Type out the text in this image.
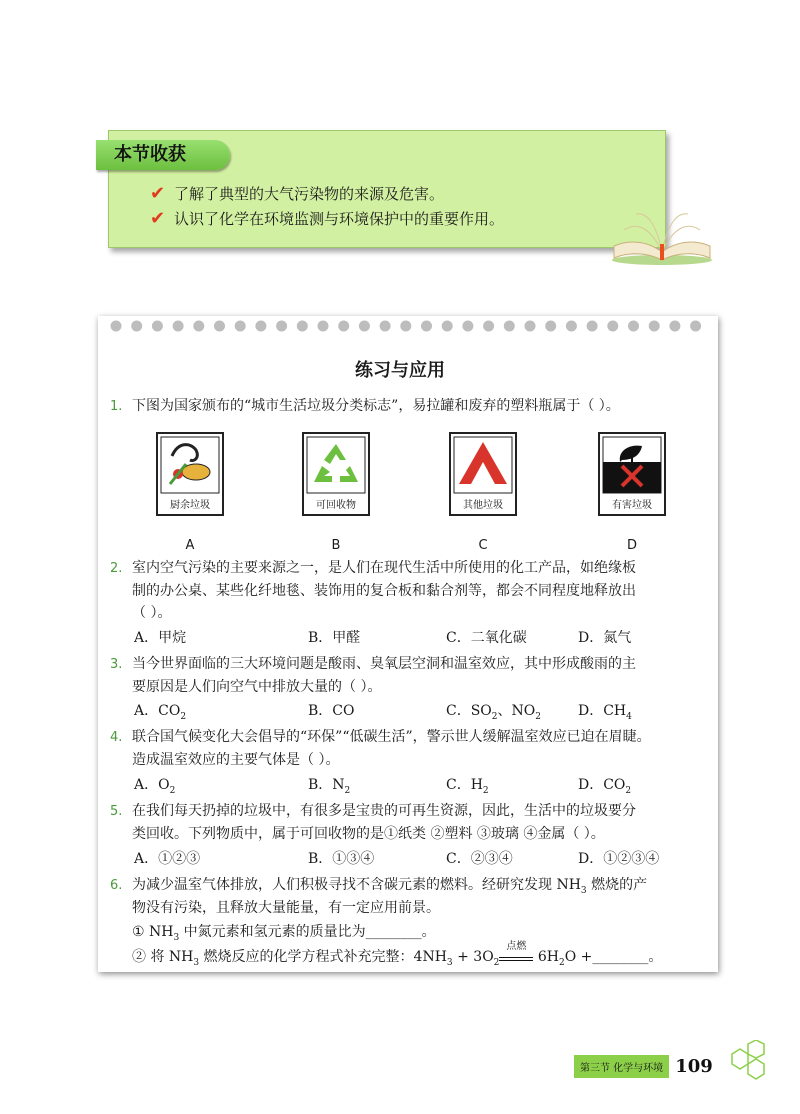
本节收获
✔ 了解了典型的大气污染物的来源及危害。
✔ 认识了化学在环境监测与环境保护中的重要作用。
练习与应用
1. 下图为国家颁布的“城市生活垃圾分类标志”，易拉罐和废弃的塑料瓶属于（ ）。
厨余垃圾	可回收物	其他垃圾	有害垃圾
A	B	C	D
2. 室内空气污染的主要来源之一，是人们在现代生活中所使用的化工产品，如绝缘板
制的办公桌、某些化纤地毯、装饰用的复合板和黏合剂等，都会不同程度地释放出
（ ）。
A．甲烷	B．甲醛	C．二氧化碳	D．氮气
3. 当今世界面临的三大环境问题是酸雨、臭氧层空洞和温室效应，其中形成酸雨的主
要原因是人们向空气中排放大量的（ ）。
A．$CO_2$	B．CO	C．$SO_2$、$NO_2$	D．$CH_4$
4. 联合国气候变化大会倡导的“环保”“低碳生活”，警示世人缓解温室效应已迫在眉睫。
造成温室效应的主要气体是（ ）。
A．$O_2$	B．$N_2$	C．$H_2$	D．$CO_2$
5. 在我们每天扔掉的垃圾中，有很多是宝贵的可再生资源，因此，生活中的垃圾要分
类回收。下列物质中，属于可回收物的是①纸类 ②塑料 ③玻璃 ④金属（ ）。
A．①②③	B．①③④	C．②③④	D．①②③④
6. 为减少温室气体排放，人们积极寻找不含碳元素的燃料。经研究发现 $NH_3$ 燃烧的产
物没有污染，且释放大量能量，有一定应用前景。
① $NH_3$ 中氮元素和氢元素的质量比为________。
② 将 $NH_3$ 燃烧反应的化学方程式补充完整：$4NH_3 + 3O_2$
点燃
$6H_2O$ +________。
第三节 化学与环境 109
